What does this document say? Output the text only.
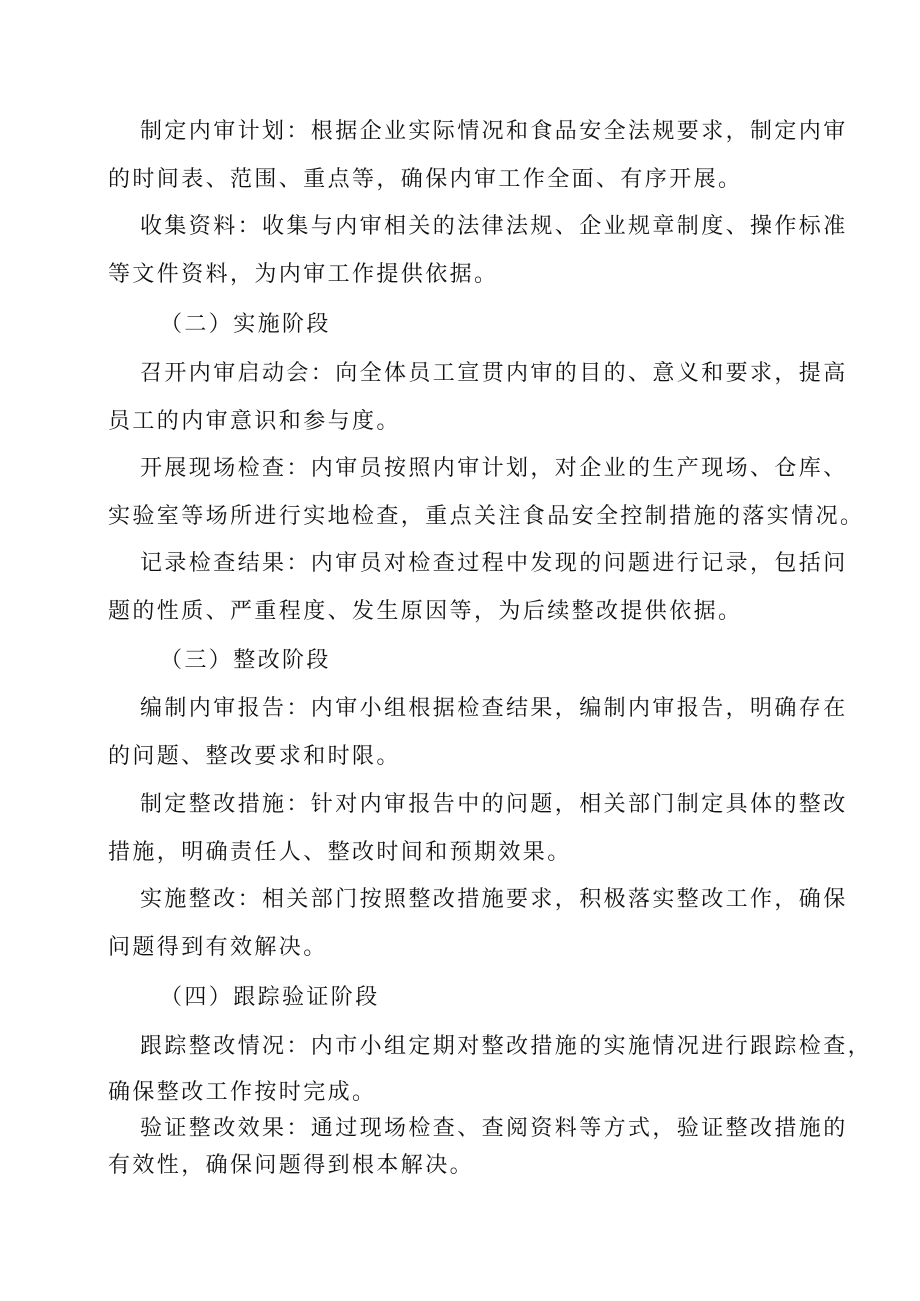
制定内审计划：根据企业实际情况和食品安全法规要求，制定内审
的时间表、范围、重点等，确保内审工作全面、有序开展。
收集资料：收集与内审相关的法律法规、企业规章制度、操作标准
等文件资料，为内审工作提供依据。
（二）实施阶段
召开内审启动会：向全体员工宣贯内审的目的、意义和要求，提高
员工的内审意识和参与度。
开展现场检查：内审员按照内审计划，对企业的生产现场、仓库、
实验室等场所进行实地检查，重点关注食品安全控制措施的落实情况。
记录检查结果：内审员对检查过程中发现的问题进行记录，包括问
题的性质、严重程度、发生原因等，为后续整改提供依据。
（三）整改阶段
编制内审报告：内审小组根据检查结果，编制内审报告，明确存在
的问题、整改要求和时限。
制定整改措施：针对内审报告中的问题，相关部门制定具体的整改
措施，明确责任人、整改时间和预期效果。
实施整改：相关部门按照整改措施要求，积极落实整改工作，确保
问题得到有效解决。
（四）跟踪验证阶段
跟踪整改情况：内市小组定期对整改措施的实施情况进行跟踪检查，
确保整改工作按时完成。
验证整改效果：通过现场检查、查阅资料等方式，验证整改措施的
有效性，确保问题得到根本解决。
